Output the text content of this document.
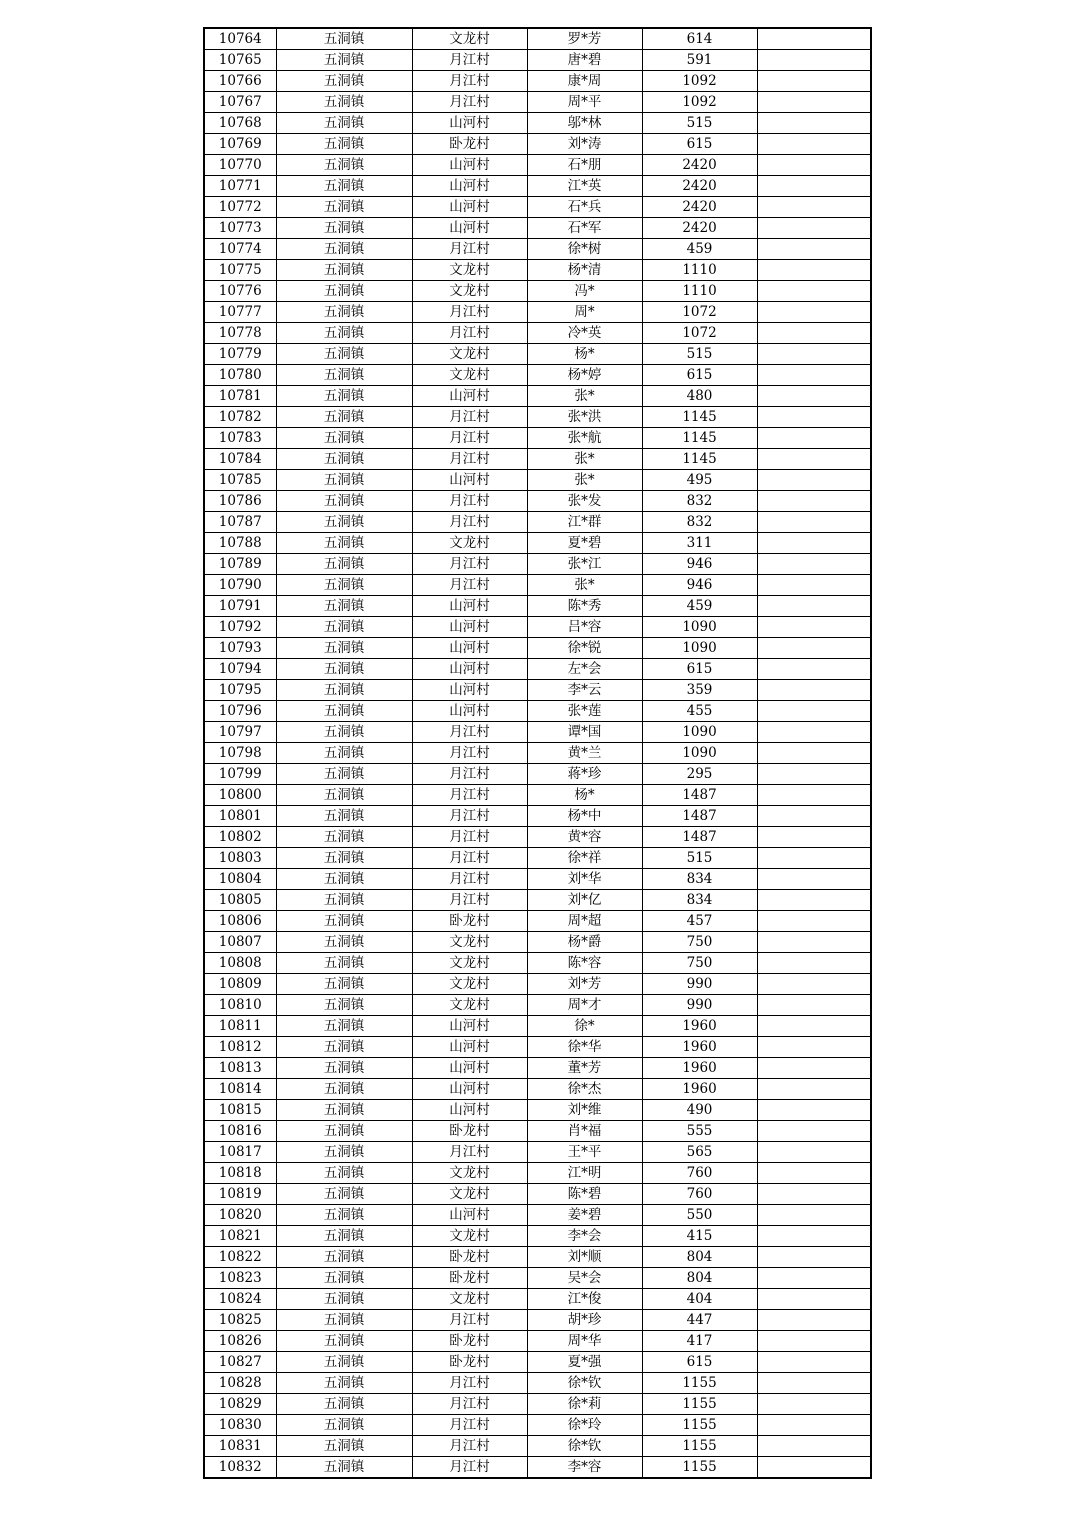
10764	五洞镇	文龙村	罗*芳	614	
10765	五洞镇	月江村	唐*碧	591	
10766	五洞镇	月江村	康*周	1092	
10767	五洞镇	月江村	周*平	1092	
10768	五洞镇	山河村	邬*林	515	
10769	五洞镇	卧龙村	刘*涛	615	
10770	五洞镇	山河村	石*朋	2420	
10771	五洞镇	山河村	江*英	2420	
10772	五洞镇	山河村	石*兵	2420	
10773	五洞镇	山河村	石*军	2420	
10774	五洞镇	月江村	徐*树	459	
10775	五洞镇	文龙村	杨*清	1110	
10776	五洞镇	文龙村	冯*	1110	
10777	五洞镇	月江村	周*	1072	
10778	五洞镇	月江村	冷*英	1072	
10779	五洞镇	文龙村	杨*	515	
10780	五洞镇	文龙村	杨*婷	615	
10781	五洞镇	山河村	张*	480	
10782	五洞镇	月江村	张*洪	1145	
10783	五洞镇	月江村	张*航	1145	
10784	五洞镇	月江村	张*	1145	
10785	五洞镇	山河村	张*	495	
10786	五洞镇	月江村	张*发	832	
10787	五洞镇	月江村	江*群	832	
10788	五洞镇	文龙村	夏*碧	311	
10789	五洞镇	月江村	张*江	946	
10790	五洞镇	月江村	张*	946	
10791	五洞镇	山河村	陈*秀	459	
10792	五洞镇	山河村	吕*容	1090	
10793	五洞镇	山河村	徐*锐	1090	
10794	五洞镇	山河村	左*会	615	
10795	五洞镇	山河村	李*云	359	
10796	五洞镇	山河村	张*莲	455	
10797	五洞镇	月江村	谭*国	1090	
10798	五洞镇	月江村	黄*兰	1090	
10799	五洞镇	月江村	蒋*珍	295	
10800	五洞镇	月江村	杨*	1487	
10801	五洞镇	月江村	杨*中	1487	
10802	五洞镇	月江村	黄*容	1487	
10803	五洞镇	月江村	徐*祥	515	
10804	五洞镇	月江村	刘*华	834	
10805	五洞镇	月江村	刘*亿	834	
10806	五洞镇	卧龙村	周*超	457	
10807	五洞镇	文龙村	杨*爵	750	
10808	五洞镇	文龙村	陈*容	750	
10809	五洞镇	文龙村	刘*芳	990	
10810	五洞镇	文龙村	周*才	990	
10811	五洞镇	山河村	徐*	1960	
10812	五洞镇	山河村	徐*华	1960	
10813	五洞镇	山河村	董*芳	1960	
10814	五洞镇	山河村	徐*杰	1960	
10815	五洞镇	山河村	刘*维	490	
10816	五洞镇	卧龙村	肖*福	555	
10817	五洞镇	月江村	王*平	565	
10818	五洞镇	文龙村	江*明	760	
10819	五洞镇	文龙村	陈*碧	760	
10820	五洞镇	山河村	姜*碧	550	
10821	五洞镇	文龙村	李*会	415	
10822	五洞镇	卧龙村	刘*顺	804	
10823	五洞镇	卧龙村	吴*会	804	
10824	五洞镇	文龙村	江*俊	404	
10825	五洞镇	月江村	胡*珍	447	
10826	五洞镇	卧龙村	周*华	417	
10827	五洞镇	卧龙村	夏*强	615	
10828	五洞镇	月江村	徐*钦	1155	
10829	五洞镇	月江村	徐*莉	1155	
10830	五洞镇	月江村	徐*玲	1155	
10831	五洞镇	月江村	徐*钦	1155	
10832	五洞镇	月江村	李*容	1155	
